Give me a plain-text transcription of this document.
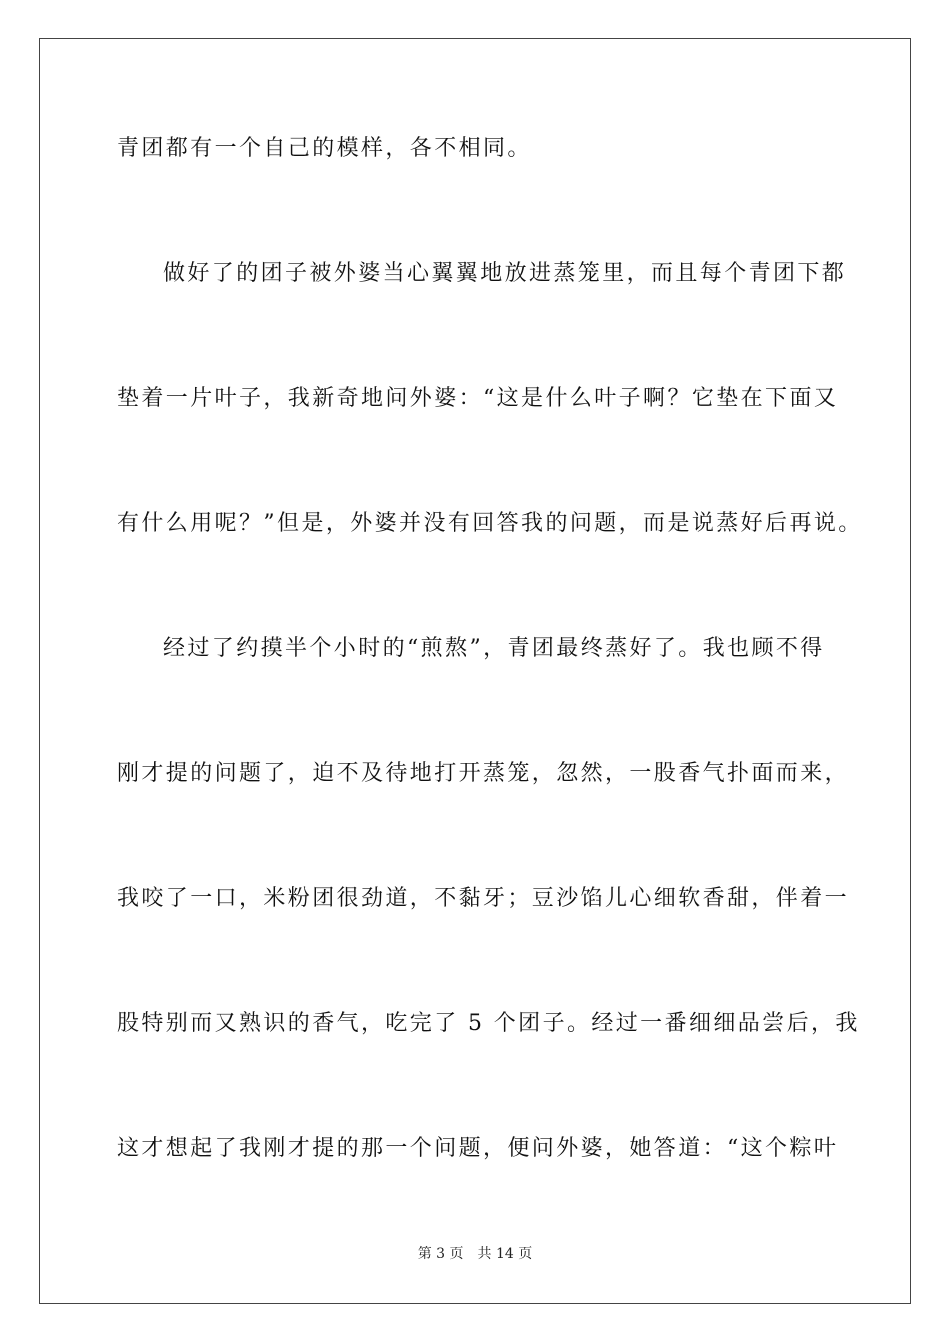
青团都有一个自己的模样，各不相同。
做好了的团子被外婆当心翼翼地放进蒸笼里，而且每个青团下都
垫着一片叶子，我新奇地问外婆：“这是什么叶子啊？它垫在下面又
有什么用呢？”但是，外婆并没有回答我的问题，而是说蒸好后再说。
经过了约摸半个小时的“煎熬”，青团最终蒸好了。我也顾不得
刚才提的问题了，迫不及待地打开蒸笼，忽然，一股香气扑面而来，
我咬了一口，米粉团很劲道，不黏牙；豆沙馅儿心细软香甜，伴着一
股特别而又熟识的香气，吃完了 5 个团子。经过一番细细品尝后，我
这才想起了我刚才提的那一个问题，便问外婆，她答道：“这个粽叶
第 3 页 共 14 页
